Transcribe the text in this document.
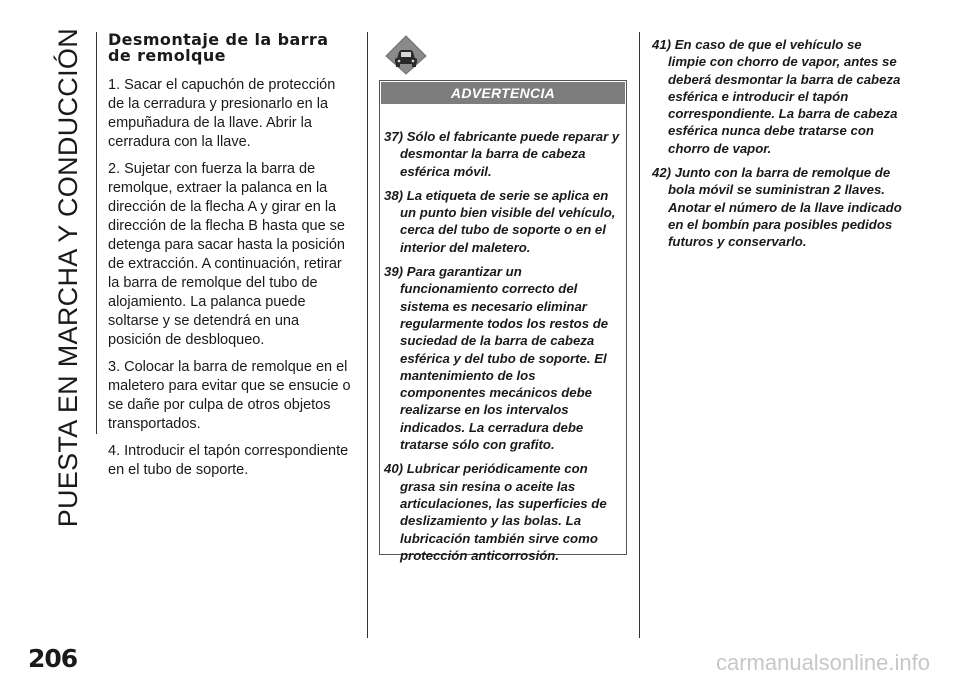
PUESTA EN MARCHA Y CONDUCCIÓN Desmontaje de la barra
de remolque

1. Sacar el capuchón de protección de la cerradura y presionarlo en la empuñadura de la llave. Abrir la cerradura con la llave.

2. Sujetar con fuerza la barra de remolque, extraer la palanca en la dirección de la flecha A y girar en la dirección de la flecha B hasta que se detenga para sacar hasta la posición de extracción. A continuación, retirar la barra de remolque del tubo de alojamiento. La palanca puede soltarse y se detendrá en una posición de desbloqueo.

3. Colocar la barra de remolque en el maletero para evitar que se ensucie o se dañe por culpa de otros objetos transportados.

4. Introducir el tapón correspondiente en el tubo de soporte.

ADVERTENCIA

37) Sólo el fabricante puede reparar y desmontar la barra de cabeza esférica móvil.

38) La etiqueta de serie se aplica en un punto bien visible del vehículo, cerca del tubo de soporte o en el interior del maletero.

39) Para garantizar un funcionamiento correcto del sistema es necesario eliminar regularmente todos los restos de suciedad de la barra de cabeza esférica y del tubo de soporte. El mantenimiento de los componentes mecánicos debe realizarse en los intervalos indicados. La cerradura debe tratarse sólo con grafito.

40) Lubricar periódicamente con grasa sin resina o aceite las articulaciones, las superficies de deslizamiento y las bolas. La lubricación también sirve como protección anticorrosión.

41) En caso de que el vehículo se limpie con chorro de vapor, antes se deberá desmontar la barra de cabeza esférica e introducir el tapón correspondiente. La barra de cabeza esférica nunca debe tratarse con chorro de vapor.

42) Junto con la barra de remolque de bola móvil se suministran 2 llaves. Anotar el número de la llave indicado en el bombín para posibles pedidos futuros y conservarlo.

206	carmanualsonline.info
